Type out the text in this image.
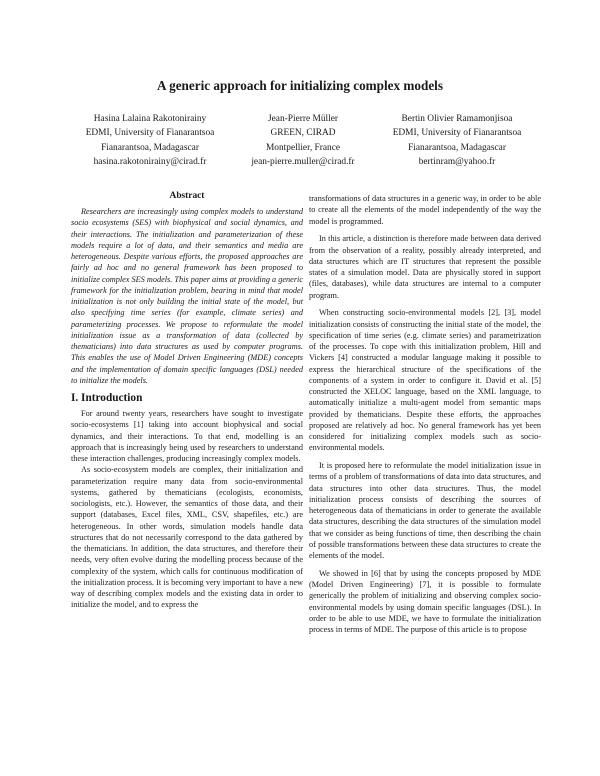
A generic approach for initializing complex models
Hasina Lalaina Rakotonirainy
EDMI, University of Fianarantsoa
Fianarantsoa, Madagascar
hasina.rakotonirainy@cirad.fr
Jean-Pierre Müller
GREEN, CIRAD
Montpellier, France
jean-pierre.muller@cirad.fr
Bertin Olivier Ramamonjisoa
EDMI, University of Fianarantsoa
Fianarantsoa, Madagascar
bertinram@yahoo.fr
Abstract

Researchers are increasingly using complex models to understand socio ecosystems (SES) with biophysical and social dynamics, and their interactions. The initialization and parameterization of these models require a lot of data, and their semantics and media are heterogeneous. Despite various efforts, the proposed approaches are fairly ad hoc and no general framework has been proposed to initialize complex SES models. This paper aims at providing a generic framework for the initialization problem, bearing in mind that model initialization is not only building the initial state of the model, but also specifying time series (for example, climate series) and parameterizing processes. We propose to reformulate the model initialization issue as a transformation of data (collected by thematicians) into data structures as used by computer programs. This enables the use of Model Driven Engineering (MDE) concepts and the implementation of domain specific languages (DSL) needed to initialize the models.

I. Introduction

For around twenty years, researchers have sought to investigate socio-ecosystems [1] taking into account biophysical and social dynamics, and their interactions. To that end, modelling is an approach that is increasingly being used by researchers to understand these interaction challenges, producing increasingly complex models.

As socio-ecosystem models are complex, their initialization and parameterization require many data from socio-environmental systems, gathered by thematicians (ecologists, economists, sociologists, etc.). However, the semantics of those data, and their support (databases, Excel files, XML, CSV, shapefiles, etc.) are heterogeneous. In other words, simulation models handle data structures that do not necessarily correspond to the data gathered by the thematicians. In addition, the data structures, and therefore their needs, very often evolve during the modelling process because of the complexity of the system, which calls for continuous modification of the initialization process. It is becoming very important to have a new way of describing complex models and the existing data in order to initialize the model, and to express the

transformations of data structures in a generic way, in order to be able to create all the elements of the model independently of the way the model is programmed.

In this article, a distinction is therefore made between data derived from the observation of a reality, possibly already interpreted, and data structures which are IT structures that represent the possible states of a simulation model. Data are physically stored in support (files, databases), while data structures are internal to a computer program.

When constructing socio-environmental models [2], [3], model initialization consists of constructing the initial state of the model, the specification of time series (e.g. climate series) and parametrization of the processes. To cope with this initialization problem, Hill and Vickers [4] constructed a modular language making it possible to express the hierarchical structure of the specifications of the components of a system in order to configure it. David et al. [5] constructed the XELOC language, based on the XML language, to automatically initialize a multi-agent model from semantic maps provided by thematicians. Despite these efforts, the approaches proposed are relatively ad hoc. No general framework has yet been considered for initializing complex models such as socio-environmental models.

It is proposed here to reformulate the model initialization issue in terms of a problem of transformations of data into data structures, and data structures into other data structures. Thus, the model initialization process consists of describing the sources of heterogeneous data of thematicians in order to generate the available data structures, describing the data structures of the simulation model that we consider as being functions of time, then describing the chain of possible transformations between these data structures to create the elements of the model.

We showed in [6] that by using the concepts proposed by MDE (Model Driven Engineering) [7], it is possible to formulate generically the problem of initializing and observing complex socio-environmental models by using domain specific languages (DSL). In order to be able to use MDE, we have to formulate the initialization process in terms of MDE. The purpose of this article is to propose
